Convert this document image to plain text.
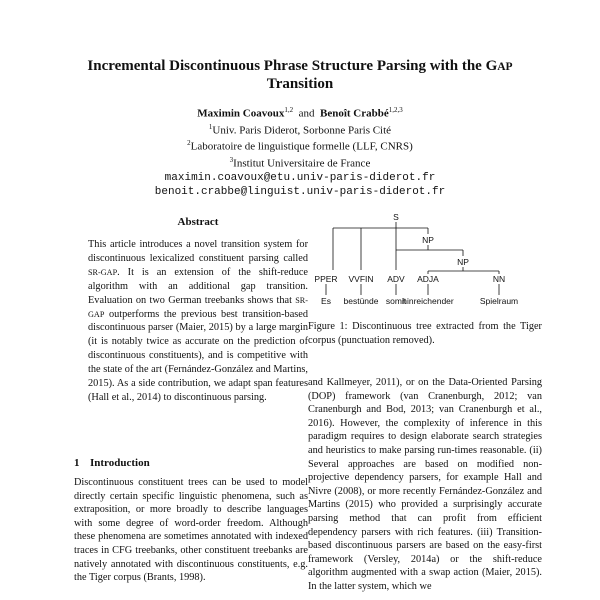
Incremental Discontinuous Phrase Structure Parsing with the GAP
Transition
Maximin Coavoux$^{1,2}$ and Benoît Crabbé$^{1,2,3}$
$^1$Univ. Paris Diderot, Sorbonne Paris Cité
$^2$Laboratoire de linguistique formelle (LLF, CNRS)
$^3$Institut Universitaire de France
maximin.coavoux@etu.univ-paris-diderot.fr
benoit.crabbe@linguist.univ-paris-diderot.fr
Abstract
This article introduces a novel transition system for discontinuous lexicalized constituent parsing called SR-GAP. It is an extension of the shift-reduce algorithm with an additional gap transition. Evaluation on two German treebanks shows that SR-GAP outperforms the previous best transition-based discontinuous parser (Maier, 2015) by a large margin (it is notably twice as accurate on the prediction of discontinuous constituents), and is competitive with the state of the art (Fernández-González and Martins, 2015). As a side contribution, we adapt span features (Hall et al., 2014) to discontinuous parsing.
1 Introduction
Discontinuous constituent trees can be used to model directly certain specific linguistic phenomena, such as extraposition, or more broadly to describe languages with some degree of word-order freedom. Although these phenomena are sometimes annotated with indexed traces in CFG treebanks, other constituent treebanks are natively annotated with discontinuous constituents, e.g. the Tiger corpus (Brants, 1998).
S
NP
NP
PPER VVFIN ADV ADJA	NN
Es bestünde somit
hinreichender	Spielraum
Figure 1: Discontinuous tree extracted from the Tiger corpus (punctuation removed).
and Kallmeyer, 2011), or on the Data-Oriented Parsing (DOP) framework (van Cranenburgh, 2012; van Cranenburgh and Bod, 2013; van Cranenburgh et al., 2016). However, the complexity of inference in this paradigm requires to design elaborate search strategies and heuristics to make parsing run-times reasonable. (ii) Several approaches are based on modified non-projective dependency parsers, for example Hall and Nivre (2008), or more recently Fernández-González and Martins (2015) who provided a surprisingly accurate parsing method that can profit from efficient dependency parsers with rich features. (iii) Transition-based discontinuous parsers are based on the easy-first framework (Versley, 2014a) or the shift-reduce algorithm augmented with a swap action (Maier, 2015). In the latter system, which we
